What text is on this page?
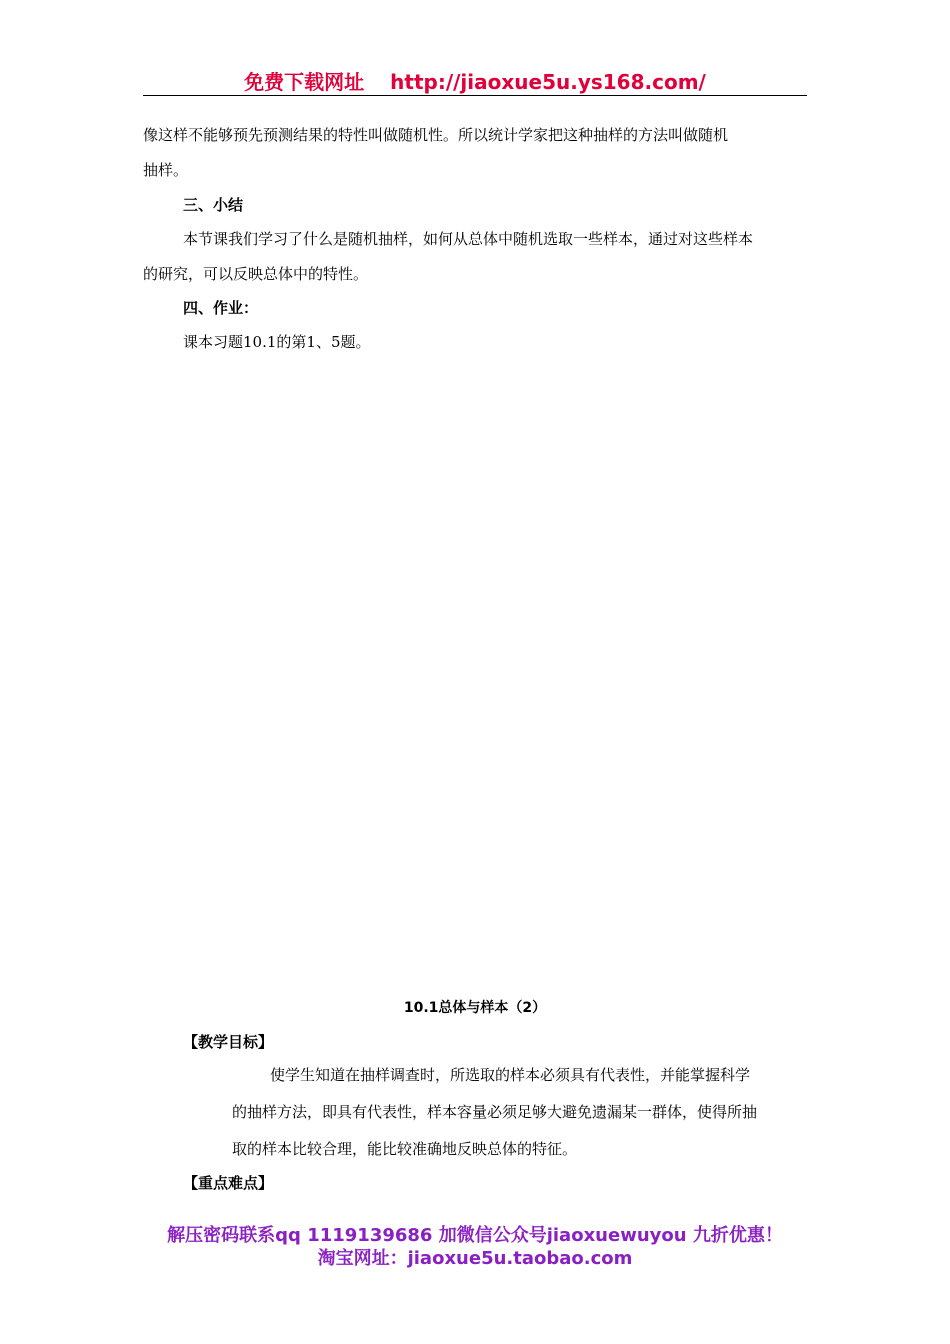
免费下载网址 http://jiaoxue5u.ys168.com/
像这样不能够预先预测结果的特性叫做随机性。所以统计学家把这种抽样的方法叫做随机
抽样。
三、小结
本节课我们学习了什么是随机抽样，如何从总体中随机选取一些样本，通过对这些样本
的研究，可以反映总体中的特性。
四、作业：
课本习题10.1的第1、5题。
10.1总体与样本（2）
【教学目标】
使学生知道在抽样调查时，所选取的样本必须具有代表性，并能掌握科学
的抽样方法，即具有代表性，样本容量必须足够大避免遗漏某一群体，使得所抽
取的样本比较合理，能比较准确地反映总体的特征。
【重点难点】
解压密码联系qq 1119139686 加微信公众号jiaoxuewuyou 九折优惠！
淘宝网址：jiaoxue5u.taobao.com
